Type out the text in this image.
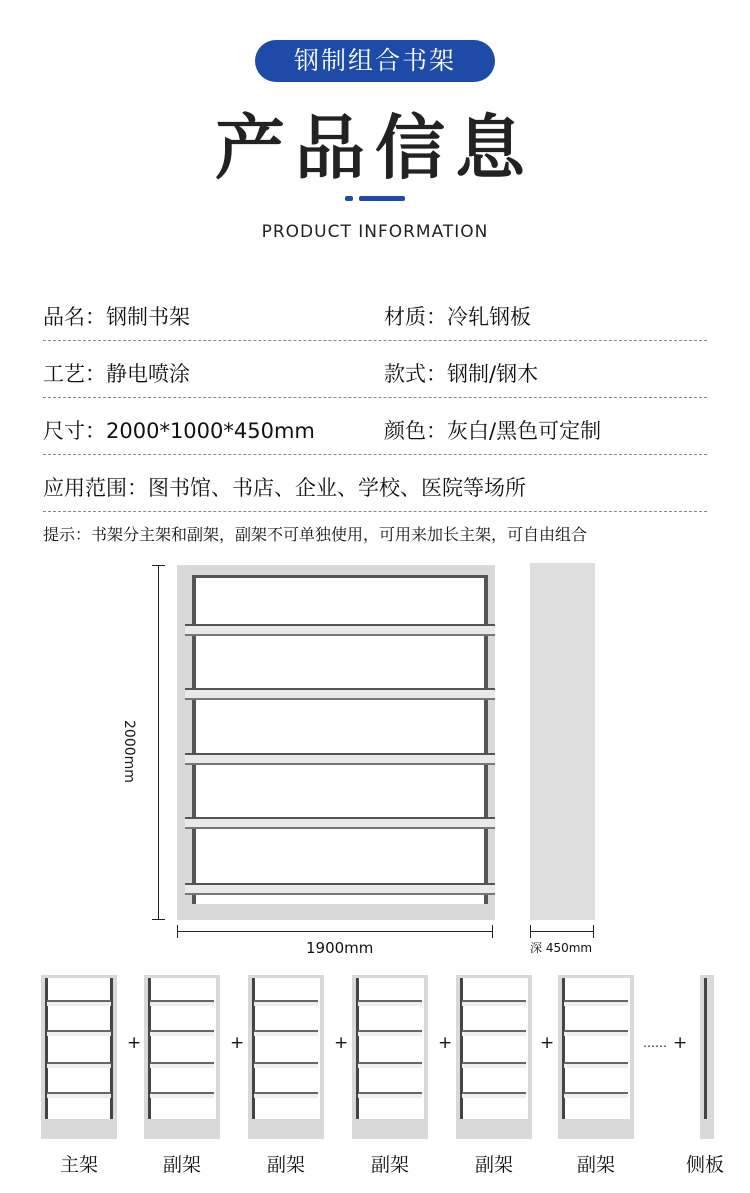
钢制组合书架
产品信息
PRODUCT INFORMATION
品名：钢制书架	材质：冷轧钢板
工艺：静电喷涂	款式：钢制/钢木
尺寸：2000*1000*450mm	颜色：灰白/黑色可定制
应用范围：图书馆、书店、企业、学校、医院等场所
提示：书架分主架和副架，副架不可单独使用，可用来加长主架，可自由组合
2000mm
1900mm	深 450mm
+	+	+	+	+	…… +
主架	副架	副架	副架	副架	副架	侧板
